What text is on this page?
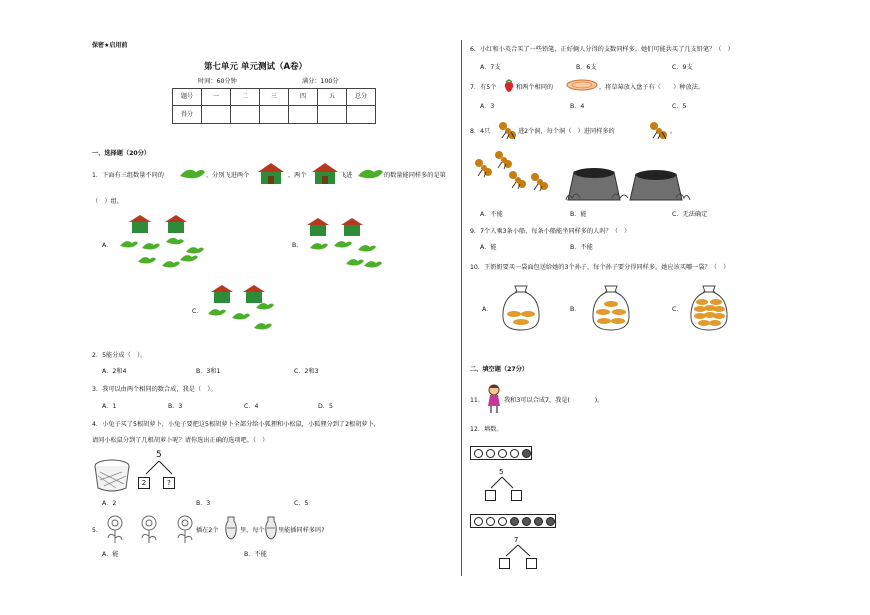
保密★启用前
第七单元 单元测试（A卷）
时间：60分钟	满分：100分
题号	一	二	三	四	五	总分
得分						
一、选择题（20分）
1．下面有三组数量不同的	，分别飞进两个	，两个	飞进	的数量能同样多的是第
（　）组。
A．	B．
C．
2．5能分成（　）。
A．2和4	B．3和1	C．2和3
3．我可以由两个相同的数合成，我是（　）。
A．1	B．3	C．4	D．5
4．小兔子买了5根胡萝卜，小兔子要把这5根胡萝卜全部分给小狐狸和小松鼠，小狐狸分到了2根胡萝卜，
请问小松鼠分到了几根胡萝卜呢？请你选出正确的选项吧。（　）
5
2	?
A．2	B．3	C．5
5．	插在2个	里，每个 里能插同样多吗?
A．能	B．不能
6．小红和小英合买了一些铅笔，正好俩人分得的支数同样多。她们可能共买了几支铅笔？（　）
A．7支	B．6支	C．9支
7．有5个	和两个相同的	，将草莓放入盘子有（　　）种放法。
A．3	B．4	C．5
8．4只	进2个洞，每个洞（　）进同样多的	。
A．不能	B．能	C．无法确定
9．7个人乘3条小船，每条小船能坐同样多的人吗？（　）
A．能	B．不能
10．王奶奶要买一袋面包送给她的3个孙子，每个孙子要分得同样多。她应该买哪一袋？（　）
A．	B．	C．
二、填空题（27分）
11．	我和3可以合成7，我是(　　　　)。
12．填数。
5
7
